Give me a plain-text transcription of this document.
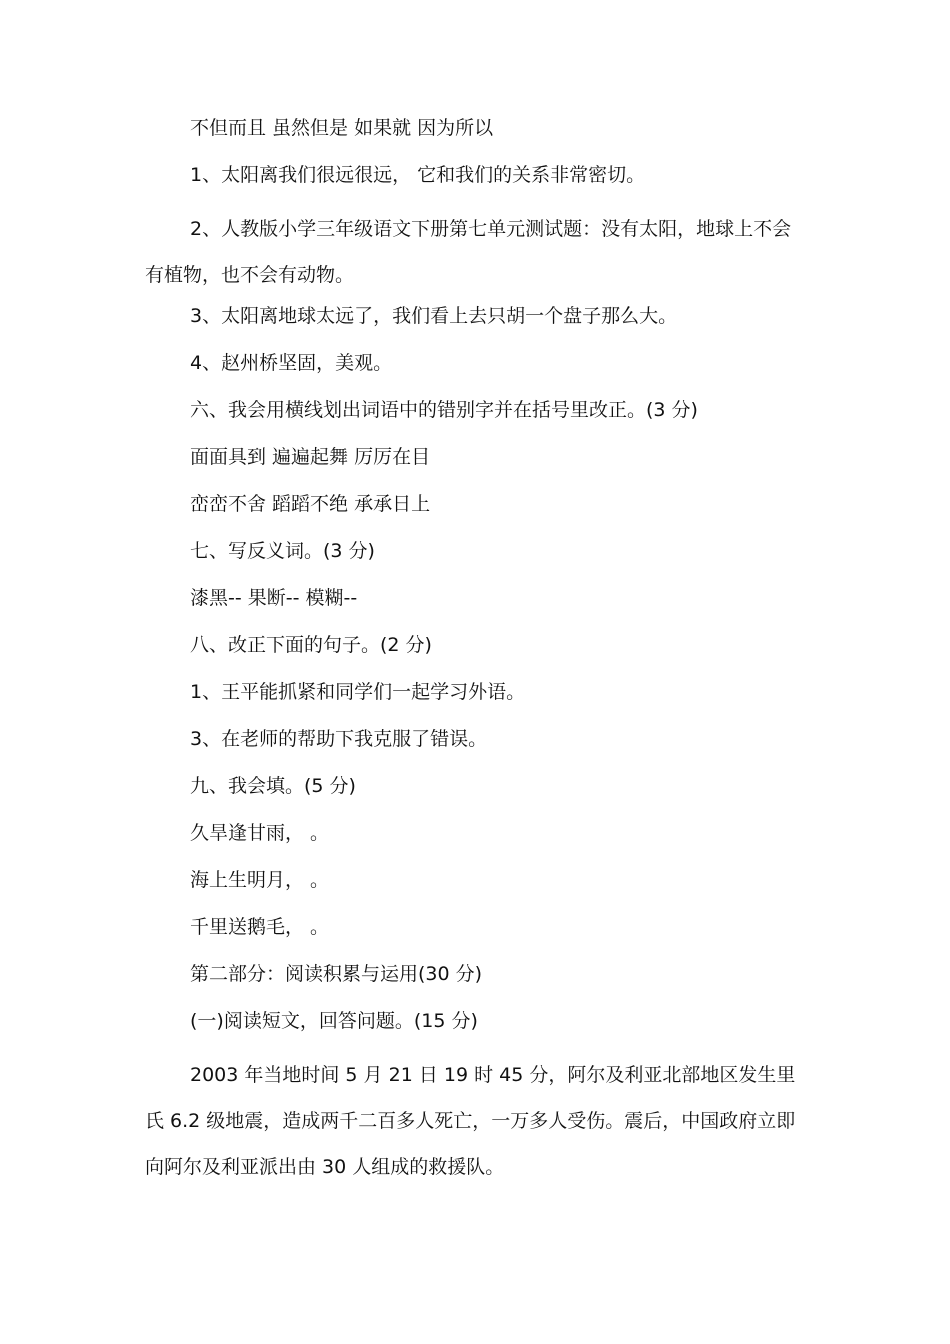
不但而且 虽然但是 如果就 因为所以

1、太阳离我们很远很远， 它和我们的关系非常密切。

2、人教版小学三年级语文下册第七单元测试题：没有太阳，地球上不会有植物，也不会有动物。

3、太阳离地球太远了，我们看上去只胡一个盘子那么大。

4、赵州桥坚固，美观。

六、我会用横线划出词语中的错别字并在括号里改正。(3 分)

面面具到 遍遍起舞 厉厉在目

峦峦不舍 蹈蹈不绝 承承日上

七、写反义词。(3 分)

漆黑-- 果断-- 模糊--

八、改正下面的句子。(2 分)

1、王平能抓紧和同学们一起学习外语。

3、在老师的帮助下我克服了错误。

九、我会填。(5 分)

久旱逢甘雨， 。

海上生明月， 。

千里送鹅毛， 。

第二部分：阅读积累与运用(30 分)

(一)阅读短文，回答问题。(15 分)

2003 年当地时间 5 月 21 日 19 时 45 分，阿尔及利亚北部地区发生里氏 6.2 级地震，造成两千二百多人死亡，一万多人受伤。震后，中国政府立即向阿尔及利亚派出由 30 人组成的救援队。
